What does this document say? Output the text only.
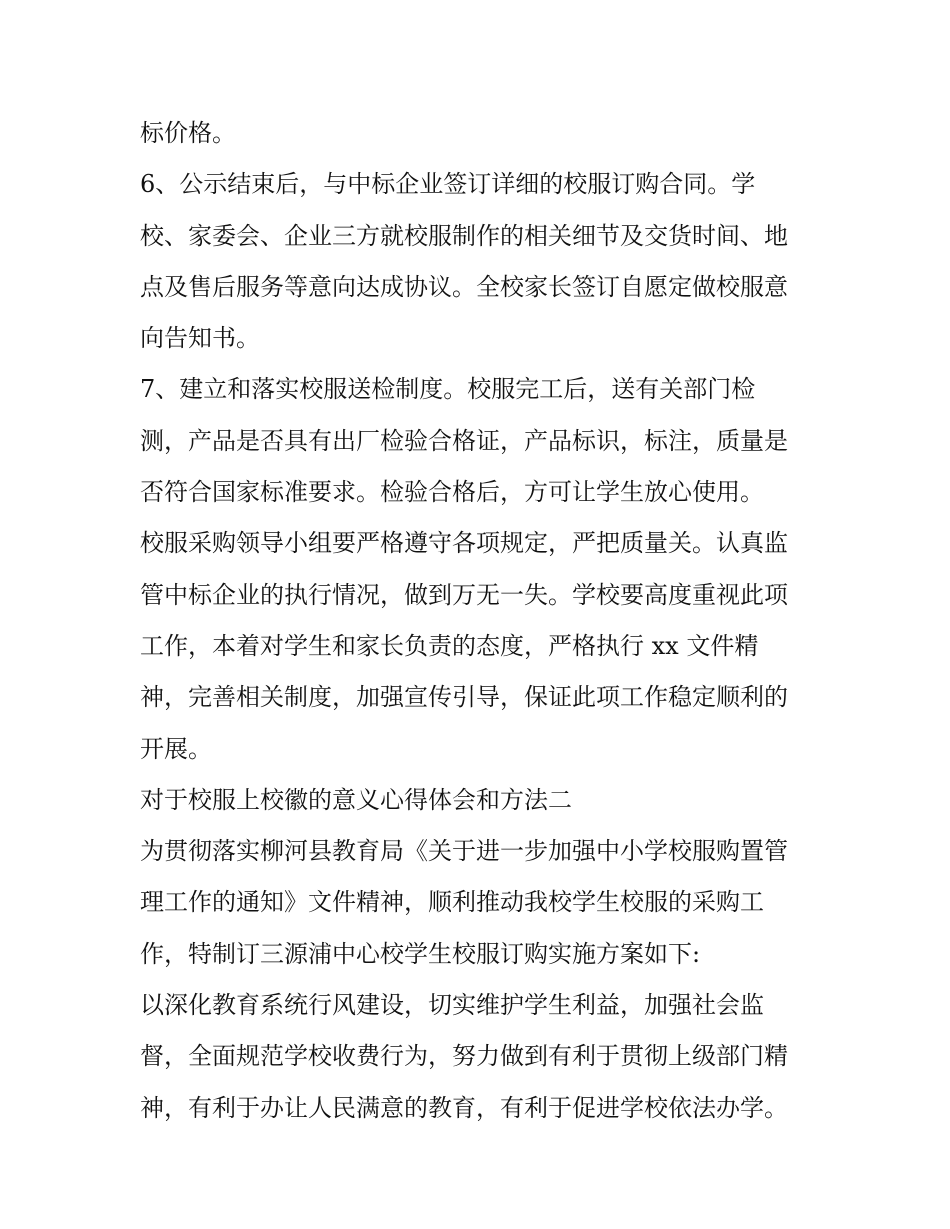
标价格。
6、公示结束后，与中标企业签订详细的校服订购合同。学
校、家委会、企业三方就校服制作的相关细节及交货时间、地
点及售后服务等意向达成协议。全校家长签订自愿定做校服意
向告知书。
7、建立和落实校服送检制度。校服完工后，送有关部门检
测，产品是否具有出厂检验合格证，产品标识，标注，质量是
否符合国家标准要求。检验合格后，方可让学生放心使用。
校服采购领导小组要严格遵守各项规定，严把质量关。认真监
管中标企业的执行情况，做到万无一失。学校要高度重视此项
工作，本着对学生和家长负责的态度，严格执行 xx 文件精
神，完善相关制度，加强宣传引导，保证此项工作稳定顺利的
开展。
对于校服上校徽的意义心得体会和方法二
为贯彻落实柳河县教育局《关于进一步加强中小学校服购置管
理工作的通知》文件精神，顺利推动我校学生校服的采购工
作，特制订三源浦中心校学生校服订购实施方案如下:
以深化教育系统行风建设，切实维护学生利益，加强社会监
督，全面规范学校收费行为，努力做到有利于贯彻上级部门精
神，有利于办让人民满意的教育，有利于促进学校依法办学。
